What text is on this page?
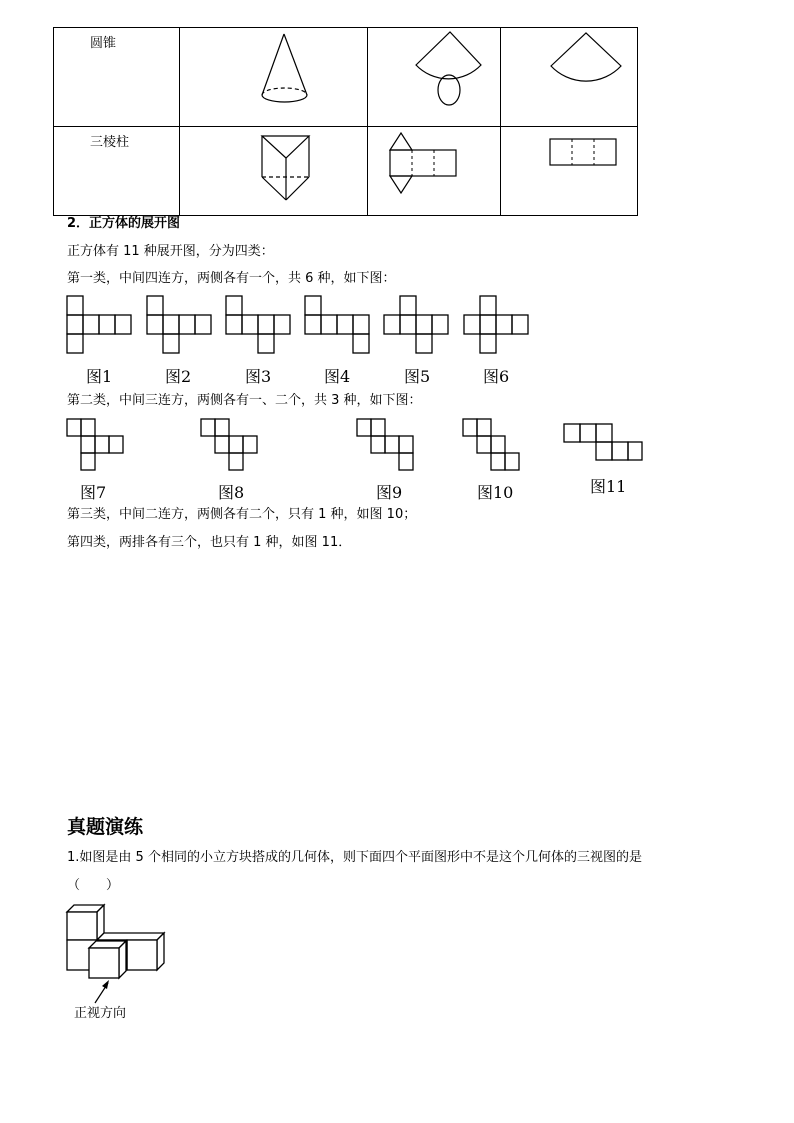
圆锥	

三棱柱	

2．正方体的展开图
正方体有 11 种展开图，分为四类：
第一类，中间四连方，两侧各有一个，共 6 种，如下图：
图1	图2	图3	图4	图5	图6
第二类，中间三连方，两侧各有一、二个，共 3 种，如下图：
图7	图8	图9	图10	图11
第三类，中间二连方，两侧各有二个，只有 1 种，如图 10；
第四类，两排各有三个，也只有 1 种，如图 11．
真题演练
1.如图是由 5 个相同的小立方块搭成的几何体，则下面四个平面图形中不是这个几何体的三视图的是
（　　）
正视方向
